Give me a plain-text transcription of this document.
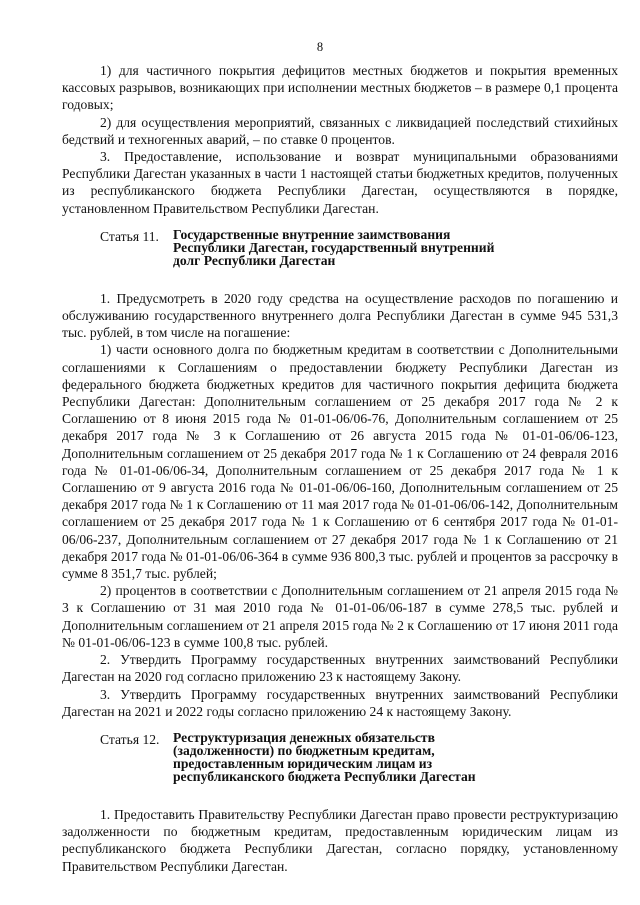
8

1) для частичного покрытия дефицитов местных бюджетов и покрытия временных кассовых разрывов, возникающих при исполнении местных бюджетов – в размере 0,1 процента годовых;

2) для осуществления мероприятий, связанных с ликвидацией последствий стихийных бедствий и техногенных аварий, – по ставке 0 процентов.

3. Предоставление, использование и возврат муниципальными образованиями Республики Дагестан указанных в части 1 настоящей статьи бюджетных кредитов, полученных из республиканского бюджета Республики Дагестан, осуществляются в порядке, установленном Правительством Республики Дагестан.

Статья 11. Государственные внутренние заимствования
Республики Дагестан, государственный внутренний
долг Республики Дагестан

1. Предусмотреть в 2020 году средства на осуществление расходов по погашению и обслуживанию государственного внутреннего долга Республики Дагестан в сумме 945 531,3 тыс. рублей, в том числе на погашение:

1) части основного долга по бюджетным кредитам в соответствии с Дополнительными соглашениями к Соглашениям о предоставлении бюджету Республики Дагестан из федерального бюджета бюджетных кредитов для частичного покрытия дефицита бюджета Республики Дагестан: Дополнительным соглашением от 25 декабря 2017 года № 2 к Соглашению от 8 июня 2015 года № 01-01-06/06-76, Дополнительным соглашением от 25 декабря 2017 года № 3 к Соглашению от 26 августа 2015 года № 01-01-06/06-123, Дополнительным соглашением от 25 декабря 2017 года № 1 к Соглашению от 24 февраля 2016 года № 01-01-06/06-34, Дополнительным соглашением от 25 декабря 2017 года № 1 к Соглашению от 9 августа 2016 года № 01-01-06/06-160, Дополнительным соглашением от 25 декабря 2017 года № 1 к Соглашению от 11 мая 2017 года № 01-01-06/06-142, Дополнительным соглашением от 25 декабря 2017 года № 1 к Соглашению от 6 сентября 2017 года № 01-01-06/06-237, Дополнительным соглашением от 27 декабря 2017 года № 1 к Соглашению от 21 декабря 2017 года № 01-01-06/06-364 в сумме 936 800,3 тыс. рублей и процентов за рассрочку в сумме 8 351,7 тыс. рублей;

2) процентов в соответствии с Дополнительным соглашением от 21 апреля 2015 года № 3 к Соглашению от 31 мая 2010 года № 01-01-06/06-187 в сумме 278,5 тыс. рублей и Дополнительным соглашением от 21 апреля 2015 года № 2 к Соглашению от 17 июня 2011 года № 01-01-06/06-123 в сумме 100,8 тыс. рублей.

2. Утвердить Программу государственных внутренних заимствований Республики Дагестан на 2020 год согласно приложению 23 к настоящему Закону.

3. Утвердить Программу государственных внутренних заимствований Республики Дагестан на 2021 и 2022 годы согласно приложению 24 к настоящему Закону.

Статья 12. Реструктуризация денежных обязательств
(задолженности) по бюджетным кредитам,
предоставленным юридическим лицам из
республиканского бюджета Республики Дагестан

1. Предоставить Правительству Республики Дагестан право провести реструктуризацию задолженности по бюджетным кредитам, предоставленным юридическим лицам из республиканского бюджета Республики Дагестан, согласно порядку, установленному Правительством Республики Дагестан.
